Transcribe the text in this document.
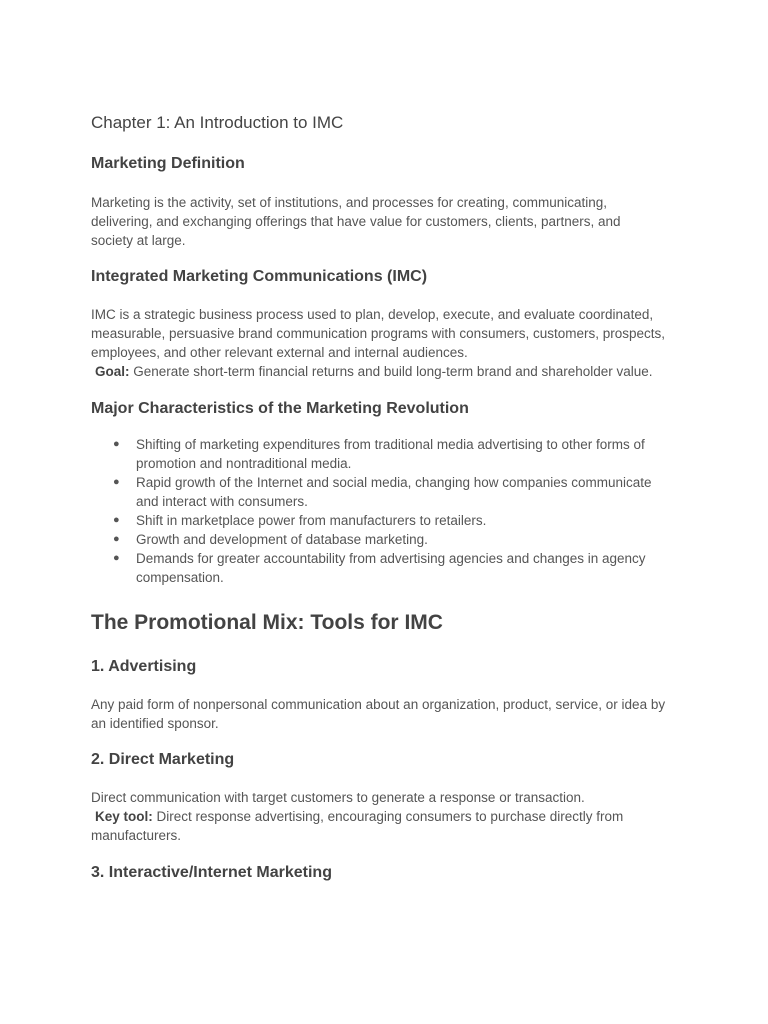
Chapter 1: An Introduction to IMC
Marketing Definition

Marketing is the activity, set of institutions, and processes for creating, communicating,
delivering, and exchanging offerings that have value for customers, clients, partners, and
society at large.

Integrated Marketing Communications (IMC)

IMC is a strategic business process used to plan, develop, execute, and evaluate coordinated,
measurable, persuasive brand communication programs with consumers, customers, prospects,
employees, and other relevant external and internal audiences.
Goal: Generate short-term financial returns and build long-term brand and shareholder value.

Major Characteristics of the Marketing Revolution
● Shifting of marketing expenditures from traditional media advertising to other forms of
promotion and nontraditional media.
● Rapid growth of the Internet and social media, changing how companies communicate
and interact with consumers.
● Shift in marketplace power from manufacturers to retailers.
● Growth and development of database marketing.
● Demands for greater accountability from advertising agencies and changes in agency
compensation.
The Promotional Mix: Tools for IMC
1. Advertising

Any paid form of nonpersonal communication about an organization, product, service, or idea by
an identified sponsor.

2. Direct Marketing

Direct communication with target customers to generate a response or transaction.
Key tool: Direct response advertising, encouraging consumers to purchase directly from
manufacturers.

3. Interactive/Internet Marketing
